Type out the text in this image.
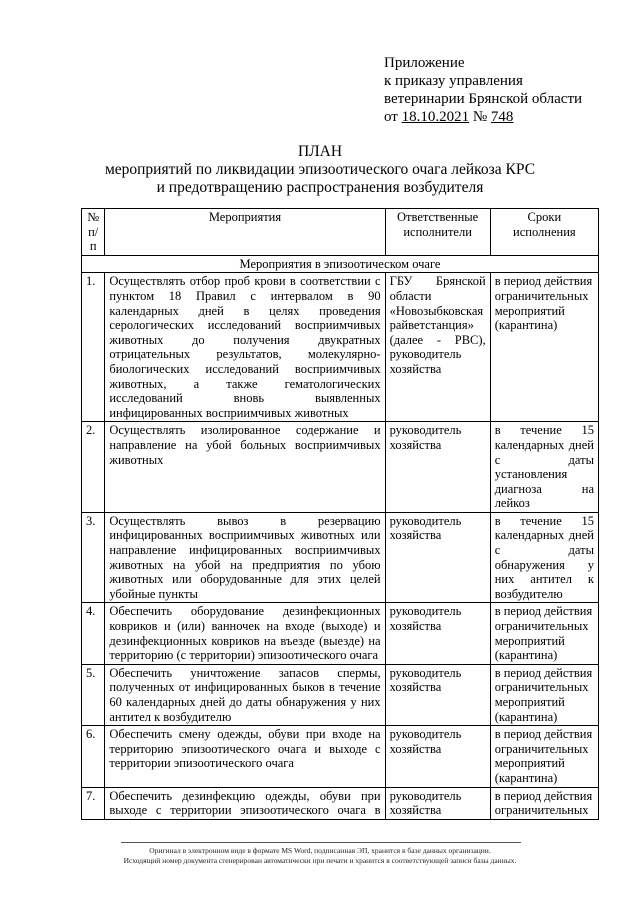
Приложение
к приказу управления
ветеринарии Брянской области
от 18.10.2021 № 748
ПЛАН
мероприятий по ликвидации эпизоотического очага лейкоза КРС
и предотвращению распространения возбудителя
№ п/п	Мероприятия	Ответственные исполнители	Сроки исполнения
Мероприятия в эпизоотическом очаге			
1.	Осуществлять отбор проб крови в соответствии с пунктом 18 Правил с интервалом в 90 календарных дней в целях проведения серологических исследований восприимчивых животных до получения двукратных отрицательных результатов, молекулярно-биологических исследований восприимчивых животных, а также гематологических исследований вновь выявленных инфицированных восприимчивых животных	ГБУ Брянской области «Новозыбковская райветстанция» (далее - РВС), руководитель хозяйства	в период действия ограничительных мероприятий (карантина)
2.	Осуществлять изолированное содержание и направление на убой больных восприимчивых животных	руководитель хозяйства	в течение 15 календарных дней с даты установления диагноза на лейкоз
3.	Осуществлять вывоз в резервацию инфицированных восприимчивых животных или направление инфицированных восприимчивых животных на убой на предприятия по убою животных или оборудованные для этих целей убойные пункты	руководитель хозяйства	в течение 15 календарных дней с даты обнаружения у них антител к возбудителю
4.	Обеспечить оборудование дезинфекционных ковриков и (или) ванночек на входе (выходе) и дезинфекционных ковриков на въезде (выезде) на территорию (с территории) эпизоотического очага	руководитель хозяйства	в период действия ограничительных мероприятий (карантина)
5.	Обеспечить уничтожение запасов спермы, полученных от инфицированных быков в течение 60 календарных дней до даты обнаружения у них антител к возбудителю	руководитель хозяйства	в период действия ограничительных мероприятий (карантина)
6.	Обеспечить смену одежды, обуви при входе на территорию эпизоотического очага и выходе с территории эпизоотического очага	руководитель хозяйства	в период действия ограничительных мероприятий (карантина)
7.	Обеспечить дезинфекцию одежды, обуви при выходе с территории эпизоотического очага в	руководитель хозяйства	в период действия ограничительных
Оригинал в электронном виде в формате MS Word, подписанная ЭП, хранится в базе данных организации.
Исходящий номер документа сгенерирован автоматически при печати и хранится в соответствующей записи базы данных.
